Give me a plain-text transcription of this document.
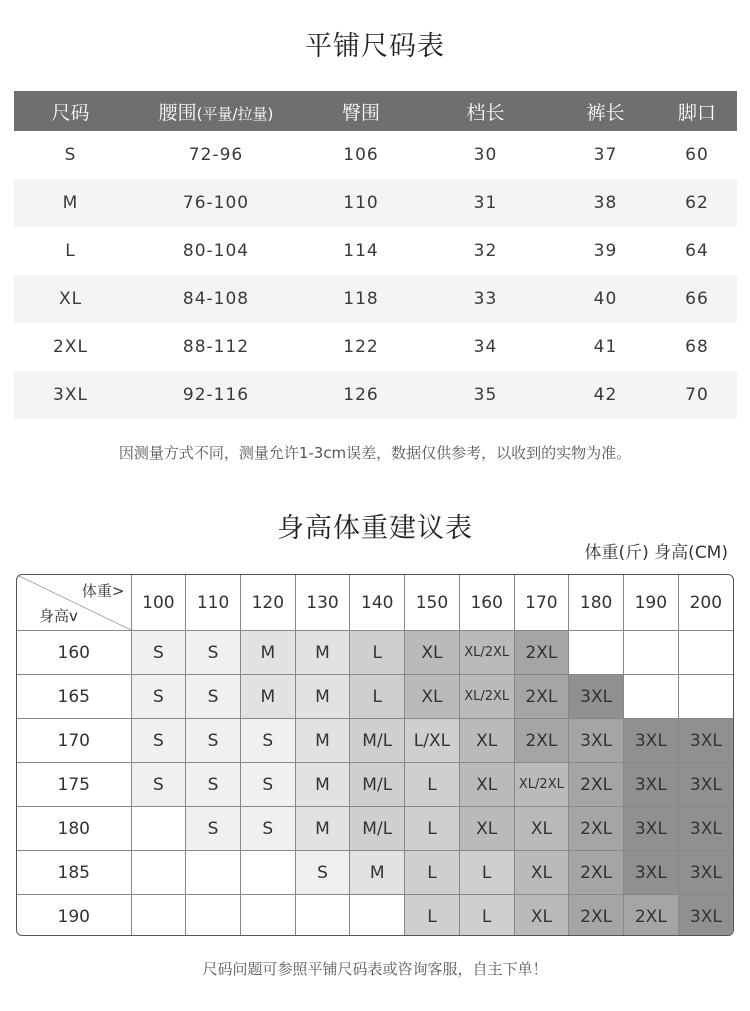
平铺尺码表
尺码	腰围(平量/拉量)	臀围	档长	裤长	脚口
S	72-96	106	30	37	60
M	76-100	110	31	38	62
L	80-104	114	32	39	64
XL	84-108	118	33	40	66
2XL	88-112	122	34	41	68
3XL	92-116	126	35	42	70
因测量方式不同，测量允许1-3cm误差，数据仅供参考，以收到的实物为准。
身高体重建议表
体重(斤) 身高(CM)
体重>
身高v	100	110	120	130	140	150	160	170	180	190	200
160	S	S	M	M	L	XL	XL/2XL	2XL			
165	S	S	M	M	L	XL	XL/2XL	2XL	3XL		
170	S	S	S	M	M/L	L/XL	XL	2XL	3XL	3XL	3XL
175	S	S	S	M	M/L	L	XL	XL/2XL	2XL	3XL	3XL
180		S	S	M	M/L	L	XL	XL	2XL	3XL	3XL
185				S	M	L	L	XL	2XL	3XL	3XL
190						L	L	XL	2XL	2XL	3XL
尺码问题可参照平铺尺码表或咨询客服，自主下单！
